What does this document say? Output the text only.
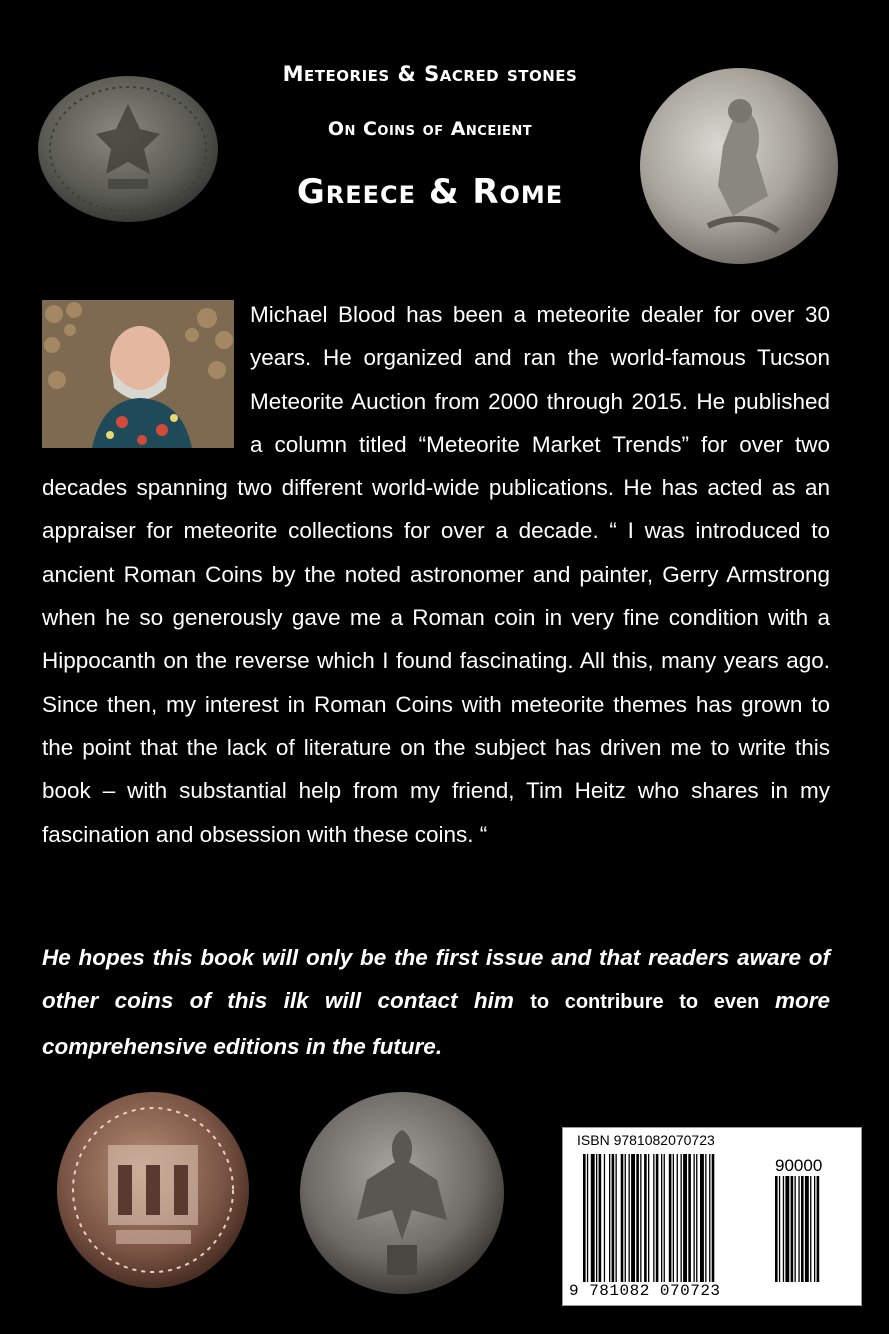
Meteories & Sacred stones
On Coins of Anceient
Greece & Rome

Michael Blood has been a meteorite dealer for over 30 years. He organized and ran the world-famous Tucson Meteorite Auction from 2000 through 2015. He published a column titled “Meteorite Market Trends” for over two decades spanning two different world-wide publications. He has acted as an appraiser for meteorite collections for over a decade. “ I was introduced to ancient Roman Coins by the noted astronomer and painter, Gerry Armstrong when he so generously gave me a Roman coin in very fine condition with a Hippocanth on the reverse which I found fascinating. All this, many years ago. Since then, my interest in Roman Coins with meteorite themes has grown to the point that the lack of literature on the subject has driven me to write this book – with substantial help from my friend, Tim Heitz who shares in my fascination and obsession with these coins. “

He hopes this book will only be the first issue and that readers aware of other coins of this ilk will contact him to contribure to even more comprehensive editions in the future.

ISBN 9781082070723
90000
9 781082 070723
